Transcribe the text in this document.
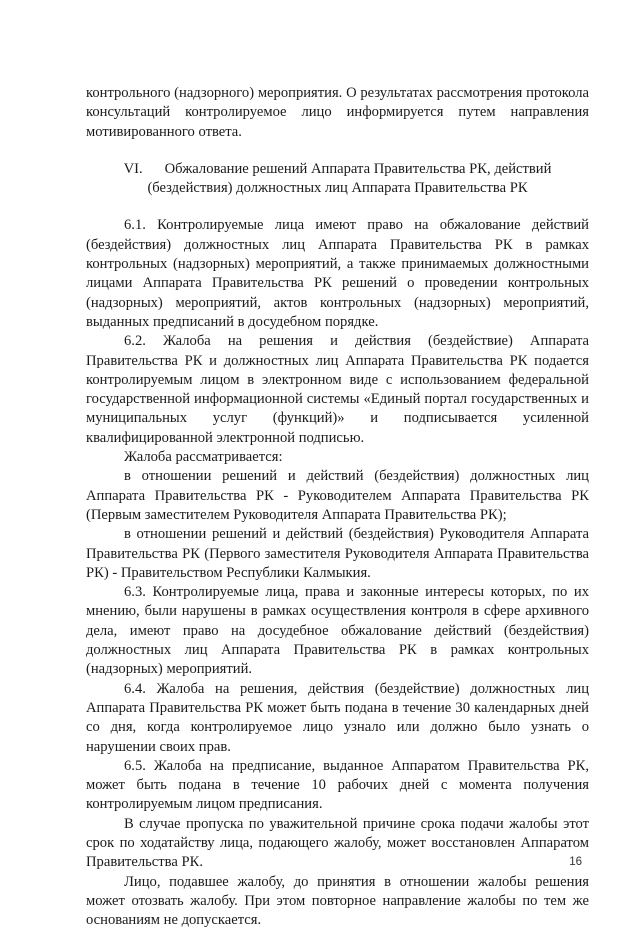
контрольного (надзорного) мероприятия. О результатах рассмотрения протокола консультаций контролируемое лицо информируется путем направления мотивированного ответа.

VI. Обжалование решений Аппарата Правительства РК, действий
(бездействия) должностных лиц Аппарата Правительства РК

6.1. Контролируемые лица имеют право на обжалование действий (бездействия) должностных лиц Аппарата Правительства РК в рамках контрольных (надзорных) мероприятий, а также принимаемых должностными лицами Аппарата Правительства РК решений о проведении контрольных (надзорных) мероприятий, актов контрольных (надзорных) мероприятий, выданных предписаний в досудебном порядке.

6.2. Жалоба на решения и действия (бездействие) Аппарата Правительства РК и должностных лиц Аппарата Правительства РК подается контролируемым лицом в электронном виде с использованием федеральной государственной информационной системы «Единый портал государственных и муниципальных услуг (функций)» и подписывается усиленной квалифицированной электронной подписью.

Жалоба рассматривается:

в отношении решений и действий (бездействия) должностных лиц Аппарата Правительства РК - Руководителем Аппарата Правительства РК (Первым заместителем Руководителя Аппарата Правительства РК);

в отношении решений и действий (бездействия) Руководителя Аппарата Правительства РК (Первого заместителя Руководителя Аппарата Правительства РК) - Правительством Республики Калмыкия.

6.3. Контролируемые лица, права и законные интересы которых, по их мнению, были нарушены в рамках осуществления контроля в сфере архивного дела, имеют право на досудебное обжалование действий (бездействия) должностных лиц Аппарата Правительства РК в рамках контрольных (надзорных) мероприятий.

6.4. Жалоба на решения, действия (бездействие) должностных лиц Аппарата Правительства РК может быть подана в течение 30 календарных дней со дня, когда контролируемое лицо узнало или должно было узнать о нарушении своих прав.

6.5. Жалоба на предписание, выданное Аппаратом Правительства РК, может быть подана в течение 10 рабочих дней с момента получения контролируемым лицом предписания.

В случае пропуска по уважительной причине срока подачи жалобы этот срок по ходатайству лица, подающего жалобу, может восстановлен Аппаратом Правительства РК.

Лицо, подавшее жалобу, до принятия в отношении жалобы решения может отозвать жалобу. При этом повторное направление жалобы по тем же основаниям не допускается.

16
